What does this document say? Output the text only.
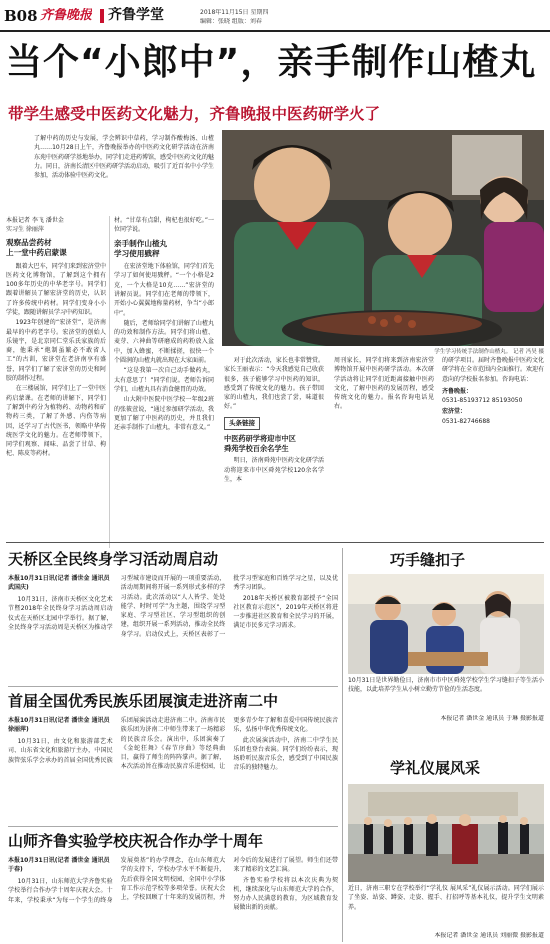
B08 齐鲁晚报 齐鲁学堂	2018年11月15日 星期四
编辑：张晓 组版：刘春
当个“小郎中”，亲手制作山楂丸
带学生感受中医药文化魅力，齐鲁晚报中医药研学火了
了解中药的历史与发展，学会辨识中草药，学习制作酸梅汤、山楂丸……10月28日上午，齐鲁晚报举办的中医药文化研学活动在济南东苑中医药研学基地举办，同学们走进药博馆，感受中医药文化的魅力。同日，济南长清区中医药研学活动启动，吸引了近百名中小学生参加，活动体验中医药文化。
学生学习传统手法制作山楂丸。 记者 冯昊 摄
本报记者 李飞 潘世金
实习生 徐丽萍
观察品尝药材
上一堂中药启蒙课

跟着大巴车，同学们来到宏济堂中医药文化博物馆，了解到这个拥有100多年历史的中华老字号。同学们跟着讲解员了解宏济堂的历史，认识了许多传统中药材。同学们变身小小学徒，跟随讲解员学习中药知识。

1923年创建的“宏济堂”，是济南最早的中药老字号。宏济堂的创始人乐镜宇，是北京同仁堂乐氏家族的后裔，他秉承“炮制虽繁必不敢省人工”的古训，宏济堂在老济南享有盛誉，同学们了解了宏济堂的历史和阿胶的制作过程。

在三楼展馆，同学们上了一堂中医药启蒙课。在老师的讲解下，同学们了解到中药分为植物药、动物药和矿物药三类，了解了外感、内伤等病因，还学习了古代医书，领略中华传统医学文化的魅力。在老师带领下，同学们观察、闻味、品尝了甘草、枸杞、陈皮等药材。

材。“甘草有点甜，枸杞也很好吃。”一位同学说。

亲手制作山楂丸
学习使用戥秤

在宏济堂地下体验馆，同学们首先学习了如何使用戥秤。“一个小格是2克，一个大格是10克……”宏济堂的讲解员说。同学们在老师的带领下，开始小心翼翼地称量药材，争当“小郎中”。

随后，老师给同学们讲解了山楂丸的功效和制作方法。同学们将山楂、麦芽、六神曲等研磨成的药粉放入盆中，加入蜂蜜，不断揉搓，很快一个个圆润的山楂丸就出现在大家面前。

“这是我第一次自己动手做药丸，太有意思了！”同学们说。老师告诉同学们，山楂丸具有消食健胃的功效。

山大附中医院中医学校一年级2班的张筱萱说，“通过参加研学活动，我更加了解了中医药的历史，并且我们还亲手制作了山楂丸，非常有意义。”

对于此次活动，家长也非常赞赏。家长王丽表示：“今天我感觉自己收获很多，孩子能够学习中医药的知识，感受到了传统文化的魅力。孩子带回家的山楂丸，我们也尝了尝，味道很好。”

头条链接
中医药研学将迎市中区
舜苑学校百余名学生

明日，济南舜苑中医药文化研学活动将迎来市中区舜苑学校120余名学生，本

周刊家长，同学们将来到济南宏济堂博物馆开展中医药研学活动。本次研学活动将让同学们近距离接触中医药文化，了解中医药的发展历程，感受传统文化的魅力。报名咨询电话见右。

的研学项目。届时齐鲁晚报中医药文化研学将在全市范围内全面推行。欢迎有意向的学校报名参加。咨询电话：

齐鲁晚报：
0531-85193712 85193050
宏济堂：
0531-82746688
天桥区全民终身学习活动周启动
本报10月31日讯(记者 潘世金 通讯员 武国庆)

10月31日，济南市天桥区文化艺术节暨2018年全民终身学习活动周启动仪式在天桥区北园中学举行。据了解，全民终身学习活动周是天桥区为推动学习型城市建设而开展的一项重要活动，活动周期间将开展一系列形式多样的学习活动。此次活动以“人人皆学、处处能学、时时可学”为主题，围绕学习型家庭、学习型社区、学习型组织的创建，组织开展一系列活动，推动全民终身学习。启动仪式上，天桥区表彰了一批学习型家庭和百姓学习之星，以及优秀学习团队。

2018年天桥区被教育部授予“全国社区教育示范区”，2019年天桥区将进一步推进社区教育和全民学习的开展，满足市民多元学习需求。

首届全国优秀民族乐团展演走进济南二中
本报10月31日讯(记者 潘世金 通讯员 徐丽萍)

10月31日，由文化和旅游部艺术司、山东省文化和旅游厅主办，中国民族管弦乐学会承办的首届全国优秀民族乐团展演活动走进济南二中。济南市民族乐团为济南二中师生带来了一场精彩的民族音乐会。演出中，乐团演奏了《金蛇狂舞》《春节序曲》等经典曲目，赢得了师生的阵阵掌声。据了解，本次活动旨在推动民族音乐进校园，让更多青少年了解和喜爱中国传统民族音乐，弘扬中华优秀传统文化。

此次展演活动中，济南二中学生民乐团也登台表演。同学们纷纷表示，现场聆听民族音乐会，感受到了中国民族音乐的独特魅力。

山师齐鲁实验学校庆祝合作办学十周年
本报10月31日讯(记者 潘世金 通讯员 于春)

10月31日，山东师范大学齐鲁实验学校举行合作办学十周年庆祝大会。十年来，学校秉承“为每一个学生的终身发展奠基”的办学理念，在山东师范大学的支持下，学校办学水平不断提升，先后获得全国文明校园、全国中小学体育工作示范学校等多项荣誉。庆祝大会上，学校回顾了十年来的发展历程，并对今后的发展进行了展望。师生们还带来了精彩的文艺汇演。

齐鲁实验学校将以本次庆典为契机，继续深化与山东师范大学的合作，努力办人民满意的教育，为区域教育发展做出新的贡献。

巧手缝扣子
10月31日是世界勤俭日，济南市市中区舜苑学校学生学习缝扣子等生活小技能，以此培养学生从小树立勤劳节俭的生活态度。
本报记者 潘世金 通讯员 于琳 摄影报道
学礼仪展风采
近日，济南三职专在学校举行“学礼仪 展风采”礼仪展示活动。同学们展示了坐姿、站姿、蹲姿、走姿、握手、打招呼等基本礼仪，提升学生文明素养。
本报记者 潘世金 通讯员 刘丽微 摄影报道
